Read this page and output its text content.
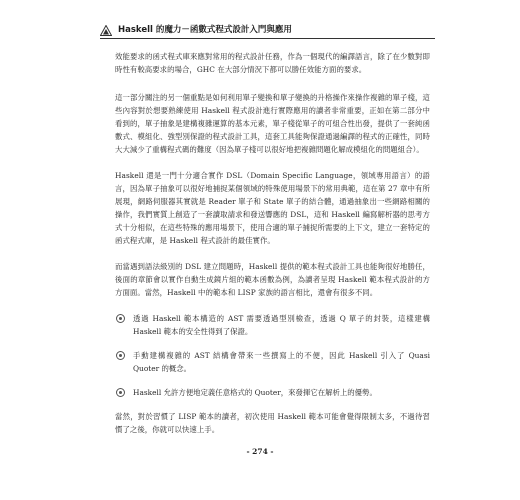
Haskell 的魔力－函數式程式設計入門與應用

效能要求的函式程式庫來應對常用的程式設計任務，作為一個現代的編譯語言，除了在少數對即時性有較高要求的場合，GHC 在大部分情況下都可以勝任效能方面的要求。

這一部分關注的另一個重點是如何利用單子變換和單子變換的升格操作來操作複雜的單子棧，這些內容對於想要熟練使用 Haskell 程式設計進行實際應用的讀者非常重要，正如在第二部分中看到的，單子抽象是建構複雜運算的基本元素，單子棧從單子的可組合性出發，提供了一套純函數式、模組化、強型別保證的程式設計工具，這套工具能夠保證通過編譯的程式的正確性，同時大大減少了重構程式碼的難度（因為單子棧可以很好地把複雜問題化解成模組化的問題組合）。

Haskell 還是一門十分適合實作 DSL（Domain Specific Language，領域專用語言）的語言，因為單子抽象可以很好地捕捉某個領域的特殊使用場景下的常用典範，這在第 27 章中有所展現，網路伺服器其實就是 Reader 單子和 State 單子的結合體，通過抽象出一些網路相關的操作，我們實質上創造了一套讀取請求和發送響應的 DSL，這和 Haskell 編寫解析器的思考方式十分相似，在這些特殊的應用場景下，使用合適的單子捕捉所需要的上下文，建立一套特定的函式程式庫，是 Haskell 程式設計的最佳實作。

而當遇到語法級別的 DSL 建立問題時，Haskell 提供的範本程式設計工具也能夠很好地勝任，後面的章節會以實作自動生成鏡片組的範本函數為例，為讀者呈現 Haskell 範本程式設計的方方面面。當然，Haskell 中的範本和 LISP 家族的語言相比，還會有很多不同。

透過 Haskell 範本構造的 AST 需要透過型別檢查，透過 Q 單子的封裝，這樣建構 Haskell 範本的安全性得到了保證。
手動建構複雜的 AST 結構會帶來一些撰寫上的不便，因此 Haskell 引入了 Quasi Quoter 的概念。
Haskell 允許方便地定義任意格式的 Quoter，來發揮它在解析上的優勢。

當然，對於習慣了 LISP 範本的讀者，初次使用 Haskell 範本可能會覺得限制太多，不過待習慣了之後，你就可以快速上手。

- 274 -
